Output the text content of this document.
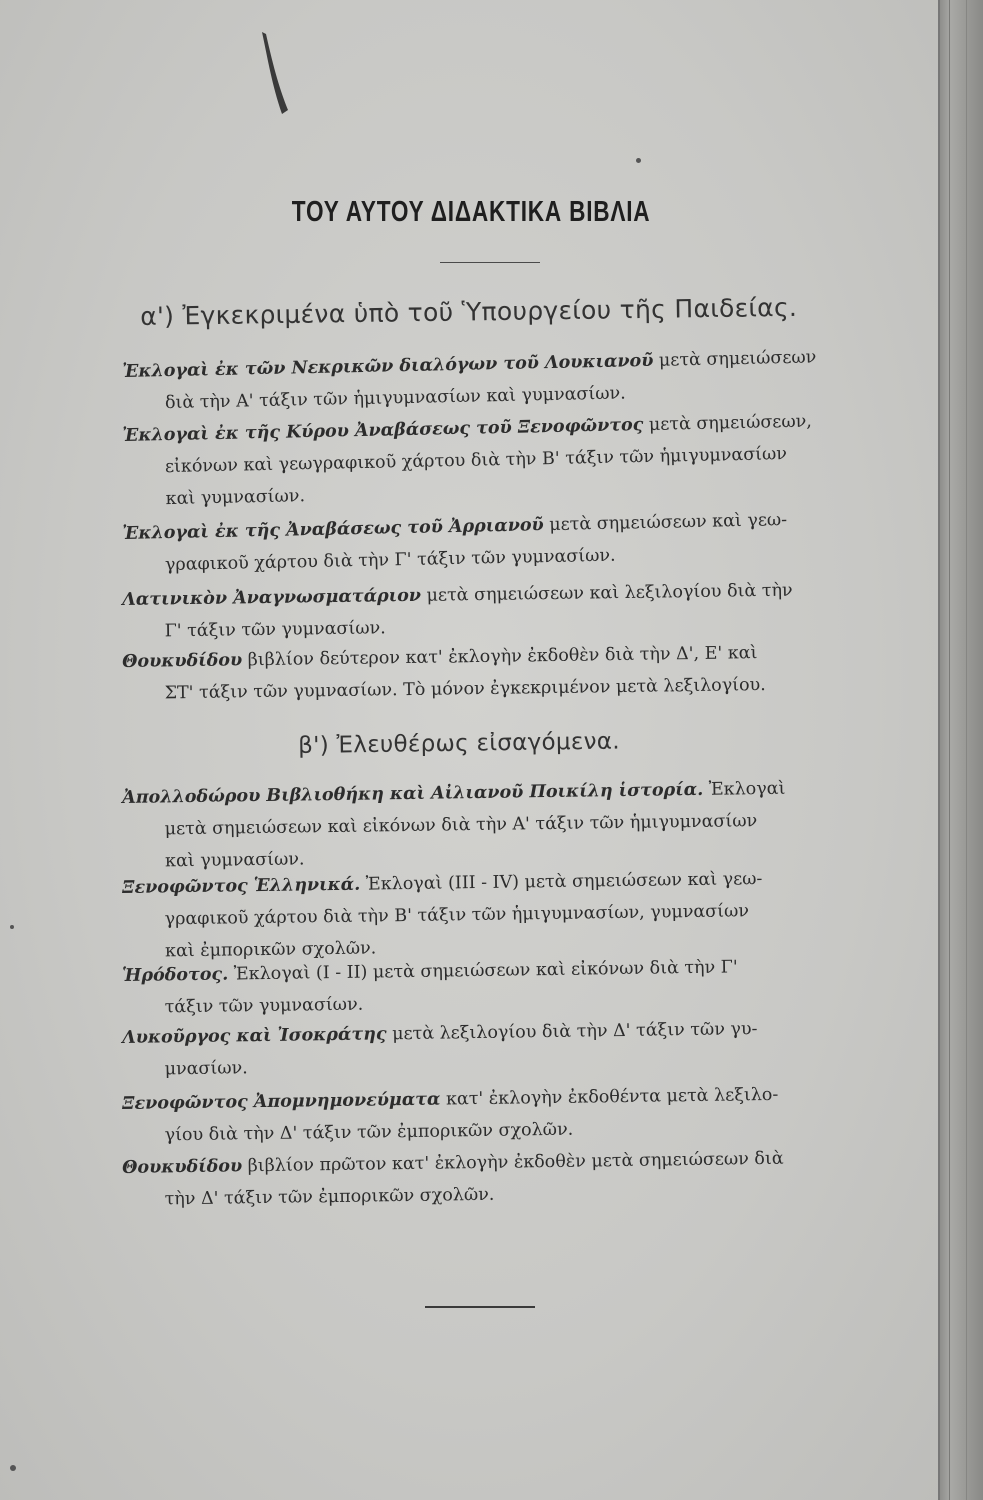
ΤΟΥ ΑΥΤΟΥ ΔΙΔΑΚΤΙΚΑ ΒΙΒΛΙΑ
α') Ἐγκεκριμένα ὑπὸ τοῦ Ὑπουργείου τῆς Παιδείας.
Ἐκλογαὶ ἐκ τῶν Νεκρικῶν διαλόγων τοῦ Λουκιανοῦ μετὰ σημειώσεων
διὰ τὴν Α' τάξιν τῶν ἡμιγυμνασίων καὶ γυμνασίων.
Ἐκλογαὶ ἐκ τῆς Κύρου Ἀναβάσεως τοῦ Ξενοφῶντος μετὰ σημειώσεων,
εἰκόνων καὶ γεωγραφικοῦ χάρτου διὰ τὴν Β' τάξιν τῶν ἡμιγυμνασίων
καὶ γυμνασίων.
Ἐκλογαὶ ἐκ τῆς Ἀναβάσεως τοῦ Ἀρριανοῦ μετὰ σημειώσεων καὶ γεω-
γραφικοῦ χάρτου διὰ τὴν Γ' τάξιν τῶν γυμνασίων.
Λατινικὸν Ἀναγνωσματάριον μετὰ σημειώσεων καὶ λεξιλογίου διὰ τὴν
Γ' τάξιν τῶν γυμνασίων.
Θουκυδίδου βιβλίον δεύτερον κατ' ἐκλογὴν ἐκδοθὲν διὰ τὴν Δ', Ε' καὶ
ΣΤ' τάξιν τῶν γυμνασίων. Τὸ μόνον ἐγκεκριμένον μετὰ λεξιλογίου.
β') Ἐλευθέρως εἰσαγόμενα.
Ἀπολλοδώρου Βιβλιοθήκη καὶ Αἰλιανοῦ Ποικίλη ἱστορία. Ἐκλογαὶ
μετὰ σημειώσεων καὶ εἰκόνων διὰ τὴν Α' τάξιν τῶν ἡμιγυμνασίων
καὶ γυμνασίων.
Ξενοφῶντος Ἑλληνικά. Ἐκλογαὶ (ΙΙΙ - ΙV) μετὰ σημειώσεων καὶ γεω-
γραφικοῦ χάρτου διὰ τὴν Β' τάξιν τῶν ἡμιγυμνασίων, γυμνασίων
καὶ ἐμπορικῶν σχολῶν.
Ἡρόδοτος. Ἐκλογαὶ (I - II) μετὰ σημειώσεων καὶ εἰκόνων διὰ τὴν Γ'
τάξιν τῶν γυμνασίων.
Λυκοῦργος καὶ Ἰσοκράτης μετὰ λεξιλογίου διὰ τὴν Δ' τάξιν τῶν γυ-
μνασίων.
Ξενοφῶντος Ἀπομνημονεύματα κατ' ἐκλογὴν ἐκδοθέντα μετὰ λεξιλο-
γίου διὰ τὴν Δ' τάξιν τῶν ἐμπορικῶν σχολῶν.
Θουκυδίδου βιβλίον πρῶτον κατ' ἐκλογὴν ἐκδοθὲν μετὰ σημειώσεων διὰ
τὴν Δ' τάξιν τῶν ἐμπορικῶν σχολῶν.
